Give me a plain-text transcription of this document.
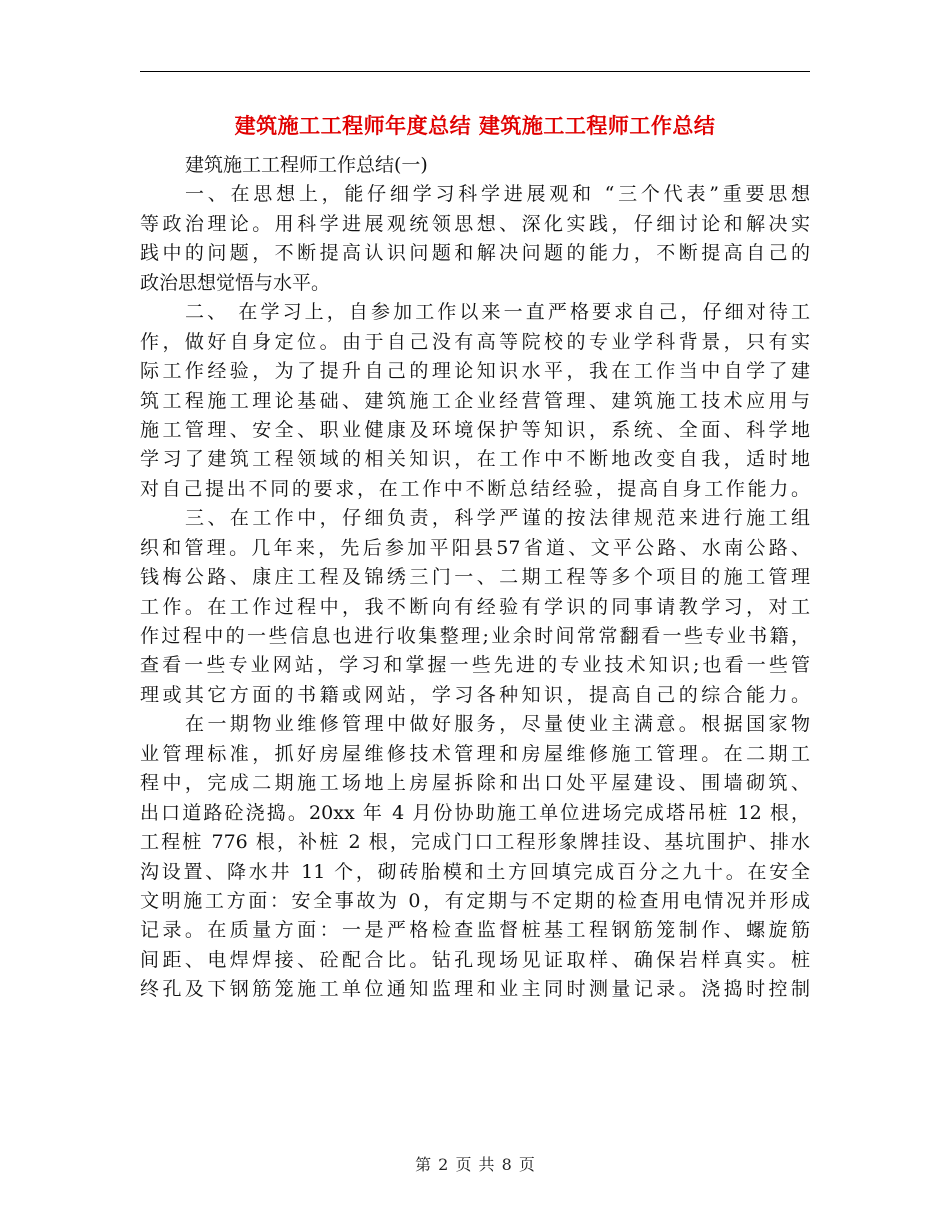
建筑施工工程师年度总结 建筑施工工程师工作总结
建筑施工工程师工作总结(一)
一、在思想上，能仔细学习科学进展观和 “三个代表”重要思想
等政治理论。用科学进展观统领思想、深化实践，仔细讨论和解决实
践中的问题，不断提高认识问题和解决问题的能力，不断提高自己的
政治思想觉悟与水平。
二、 在学习上，自参加工作以来一直严格要求自己，仔细对待工
作，做好自身定位。由于自己没有高等院校的专业学科背景，只有实
际工作经验，为了提升自己的理论知识水平，我在工作当中自学了建
筑工程施工理论基础、建筑施工企业经营管理、建筑施工技术应用与
施工管理、安全、职业健康及环境保护等知识，系统、全面、科学地
学习了建筑工程领域的相关知识，在工作中不断地改变自我，适时地
对自己提出不同的要求，在工作中不断总结经验，提高自身工作能力。
三、在工作中，仔细负责，科学严谨的按法律规范来进行施工组
织和管理。几年来，先后参加平阳县57省道、文平公路、水南公路、
钱梅公路、康庄工程及锦绣三门一、二期工程等多个项目的施工管理
工作。在工作过程中，我不断向有经验有学识的同事请教学习，对工
作过程中的一些信息也进行收集整理;业余时间常常翻看一些专业书籍，
查看一些专业网站，学习和掌握一些先进的专业技术知识;也看一些管
理或其它方面的书籍或网站，学习各种知识，提高自己的综合能力。
在一期物业维修管理中做好服务，尽量使业主满意。根据国家物
业管理标准，抓好房屋维修技术管理和房屋维修施工管理。在二期工
程中，完成二期施工场地上房屋拆除和出口处平屋建设、围墙砌筑、
出口道路砼浇捣。20xx 年 4 月份协助施工单位进场完成塔吊桩 12 根，
工程桩 776 根，补桩 2 根，完成门口工程形象牌挂设、基坑围护、排水
沟设置、降水井 11 个，砌砖胎模和土方回填完成百分之九十。在安全
文明施工方面：安全事故为 0，有定期与不定期的检查用电情况并形成
记录。在质量方面：一是严格检查监督桩基工程钢筋笼制作、螺旋筋
间距、电焊焊接、砼配合比。钻孔现场见证取样、确保岩样真实。桩
终孔及下钢筋笼施工单位通知监理和业主同时测量记录。浇捣时控制
第 2 页 共 8 页
